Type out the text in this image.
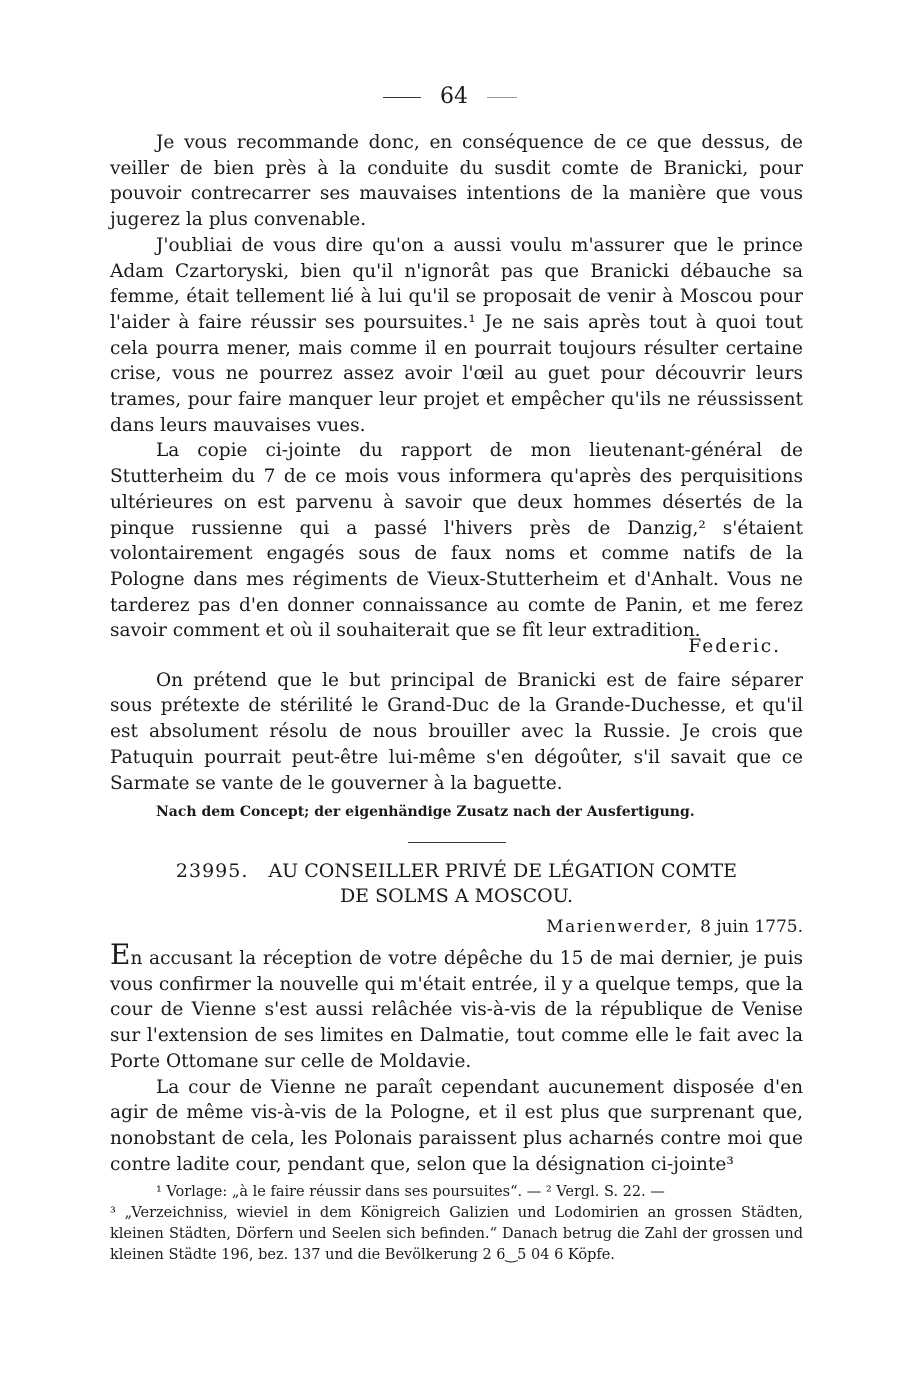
64

Je vous recommande donc, en conséquence de ce que dessus, de veiller de bien près à la conduite du susdit comte de Branicki, pour pouvoir contrecarrer ses mauvaises intentions de la manière que vous jugerez la plus convenable.

J'oubliai de vous dire qu'on a aussi voulu m'assurer que le prince Adam Czartoryski, bien qu'il n'ignorât pas que Branicki débauche sa femme, était tellement lié à lui qu'il se proposait de venir à Moscou pour l'aider à faire réussir ses poursuites.¹ Je ne sais après tout à quoi tout cela pourra mener, mais comme il en pourrait toujours résulter certaine crise, vous ne pourrez assez avoir l'œil au guet pour découvrir leurs trames, pour faire manquer leur projet et empêcher qu'ils ne réussissent dans leurs mauvaises vues.

La copie ci-jointe du rapport de mon lieutenant-général de Stutterheim du 7 de ce mois vous informera qu'après des perquisitions ultérieures on est parvenu à savoir que deux hommes désertés de la pinque russienne qui a passé l'hivers près de Danzig,² s'étaient volontairement engagés sous de faux noms et comme natifs de la Pologne dans mes régiments de Vieux-Stutterheim et d'Anhalt. Vous ne tarderez pas d'en donner connaissance au comte de Panin, et me ferez savoir comment et où il souhaiterait que se fît leur extradition.

Federic.

On prétend que le but principal de Branicki est de faire séparer sous prétexte de stérilité le Grand-Duc de la Grande-Duchesse, et qu'il est absolument résolu de nous brouiller avec la Russie. Je crois que Patuquin pourrait peut-être lui-même s'en dégoûter, s'il savait que ce Sarmate se vante de le gouverner à la baguette.

Nach dem Concept; der eigenhändige Zusatz nach der Ausfertigung.
23995. AU CONSEILLER PRIVÉ DE LÉGATION COMTE
DE SOLMS A MOSCOU.
Marienwerder, 8 juin 1775.

En accusant la réception de votre dépêche du 15 de mai dernier, je puis vous confirmer la nouvelle qui m'était entrée, il y a quelque temps, que la cour de Vienne s'est aussi relâchée vis-à-vis de la république de Venise sur l'extension de ses limites en Dalmatie, tout comme elle le fait avec la Porte Ottomane sur celle de Moldavie.

La cour de Vienne ne paraît cependant aucunement disposée d'en agir de même vis-à-vis de la Pologne, et il est plus que surprenant que, nonobstant de cela, les Polonais paraissent plus acharnés contre moi que contre ladite cour, pendant que, selon que la désignation ci-jointe³

¹ Vorlage: „à le faire réussir dans ses poursuites“. — ² Vergl. S. 22. —

³ „Verzeichniss, wieviel in dem Königreich Galizien und Lodomirien an grossen Städten, kleinen Städten, Dörfern und Seelen sich befinden.“ Danach betrug die Zahl der grossen und kleinen Städte 196, bez. 137 und die Bevölkerung 2 6‿5 04 6 Köpfe.
